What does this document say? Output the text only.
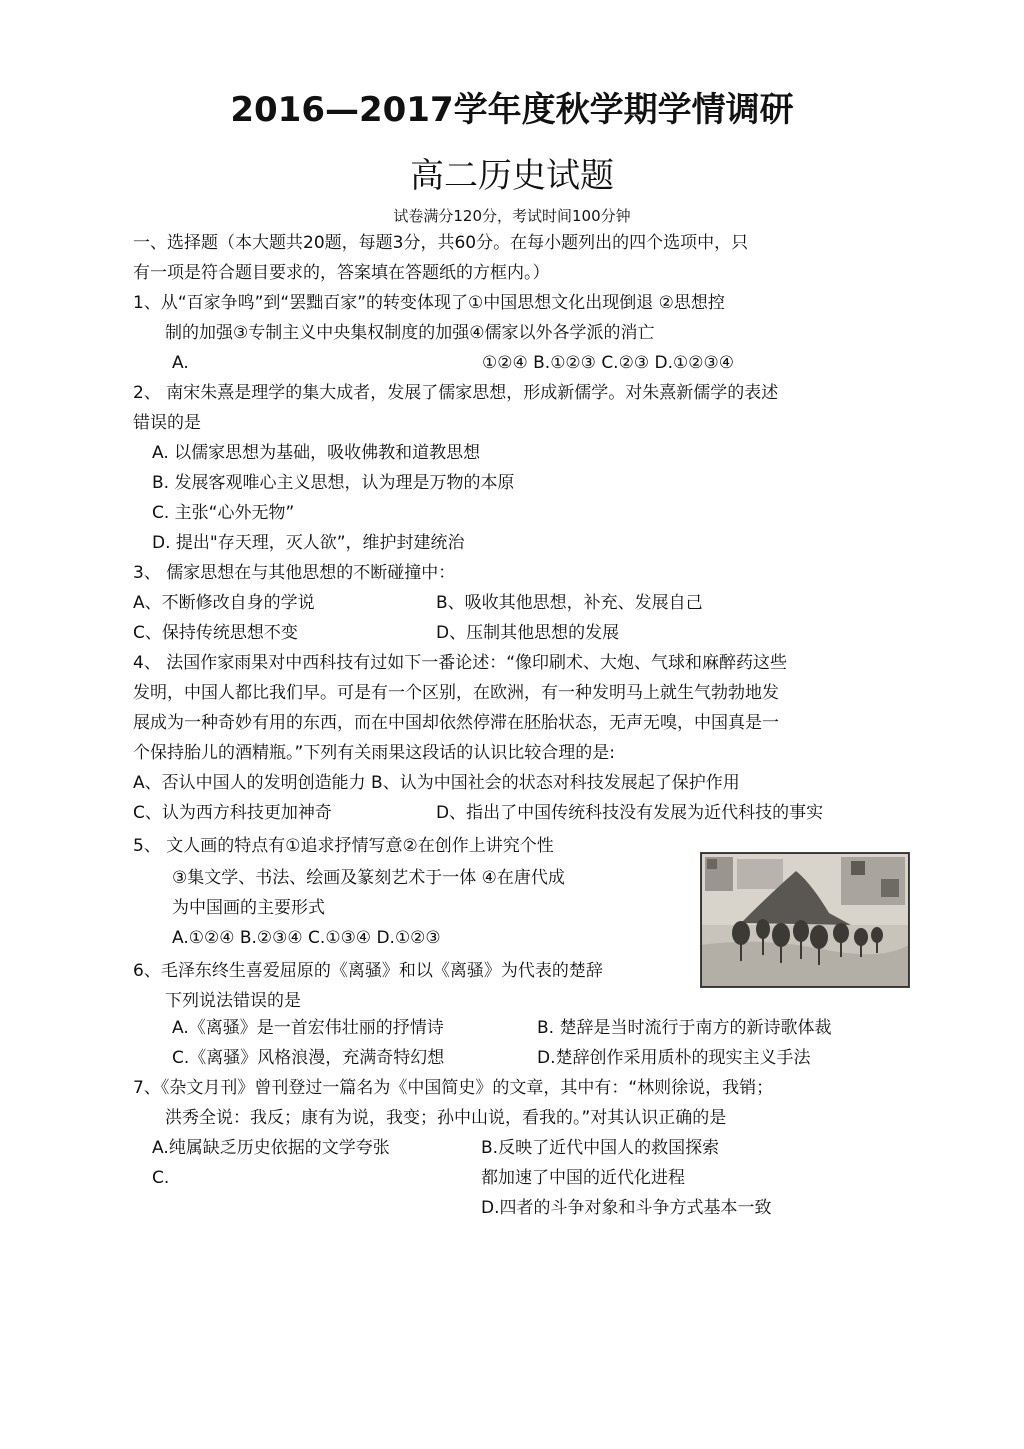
2016—2017学年度秋学期学情调研
高二历史试题
试卷满分120分，考试时间100分钟
一、选择题（本大题共20题，每题3分，共60分。在每小题列出的四个选项中，只
有一项是符合题目要求的，答案填在答题纸的方框内。）
1、从“百家争鸣”到“罢黜百家”的转变体现了①中国思想文化出现倒退 ②思想控
制的加强③专制主义中央集权制度的加强④儒家以外各学派的消亡
A.	①②④ B.①②③ C.②③ D.①②③④
2、 南宋朱熹是理学的集大成者，发展了儒家思想，形成新儒学。对朱熹新儒学的表述
错误的是
A. 以儒家思想为基础，吸收佛教和道教思想
B. 发展客观唯心主义思想，认为理是万物的本原
C. 主张“心外无物”
D. 提出"存天理，灭人欲”，维护封建统治
3、 儒家思想在与其他思想的不断碰撞中：
A、不断修改自身的学说	B、吸收其他思想，补充、发展自己
C、保持传统思想不变	D、压制其他思想的发展
4、 法国作家雨果对中西科技有过如下一番论述：“像印刷术、大炮、气球和麻醉药这些
发明，中国人都比我们早。可是有一个区别，在欧洲，有一种发明马上就生气勃勃地发
展成为一种奇妙有用的东西，而在中国却依然停滞在胚胎状态，无声无嗅，中国真是一
个保持胎儿的酒精瓶。”下列有关雨果这段话的认识比较合理的是:
A、否认中国人的发明创造能力 B、认为中国社会的状态对科技发展起了保护作用
C、认为西方科技更加神奇	D、指出了中国传统科技没有发展为近代科技的事实
5、 文人画的特点有①追求抒情写意②在创作上讲究个性
③集文学、书法、绘画及篆刻艺术于一体 ④在唐代成
为中国画的主要形式
A.①②④ B.②③④ C.①③④ D.①②③
6、毛泽东终生喜爱屈原的《离骚》和以《离骚》为代表的楚辞
下列说法错误的是
A.《离骚》是一首宏伟壮丽的抒情诗	B. 楚辞是当时流行于南方的新诗歌体裁
C.《离骚》风格浪漫，充满奇特幻想	D.楚辞创作采用质朴的现实主义手法
7、《杂文月刊》曾刊登过一篇名为《中国简史》的文章，其中有：“林则徐说，我销；
洪秀全说：我反；康有为说，我变；孙中山说，看我的。”对其认识正确的是
A.纯属缺乏历史依据的文学夸张	B.反映了近代中国人的救国探索
C.	都加速了中国的近代化进程
D.四者的斗争对象和斗争方式基本一致
